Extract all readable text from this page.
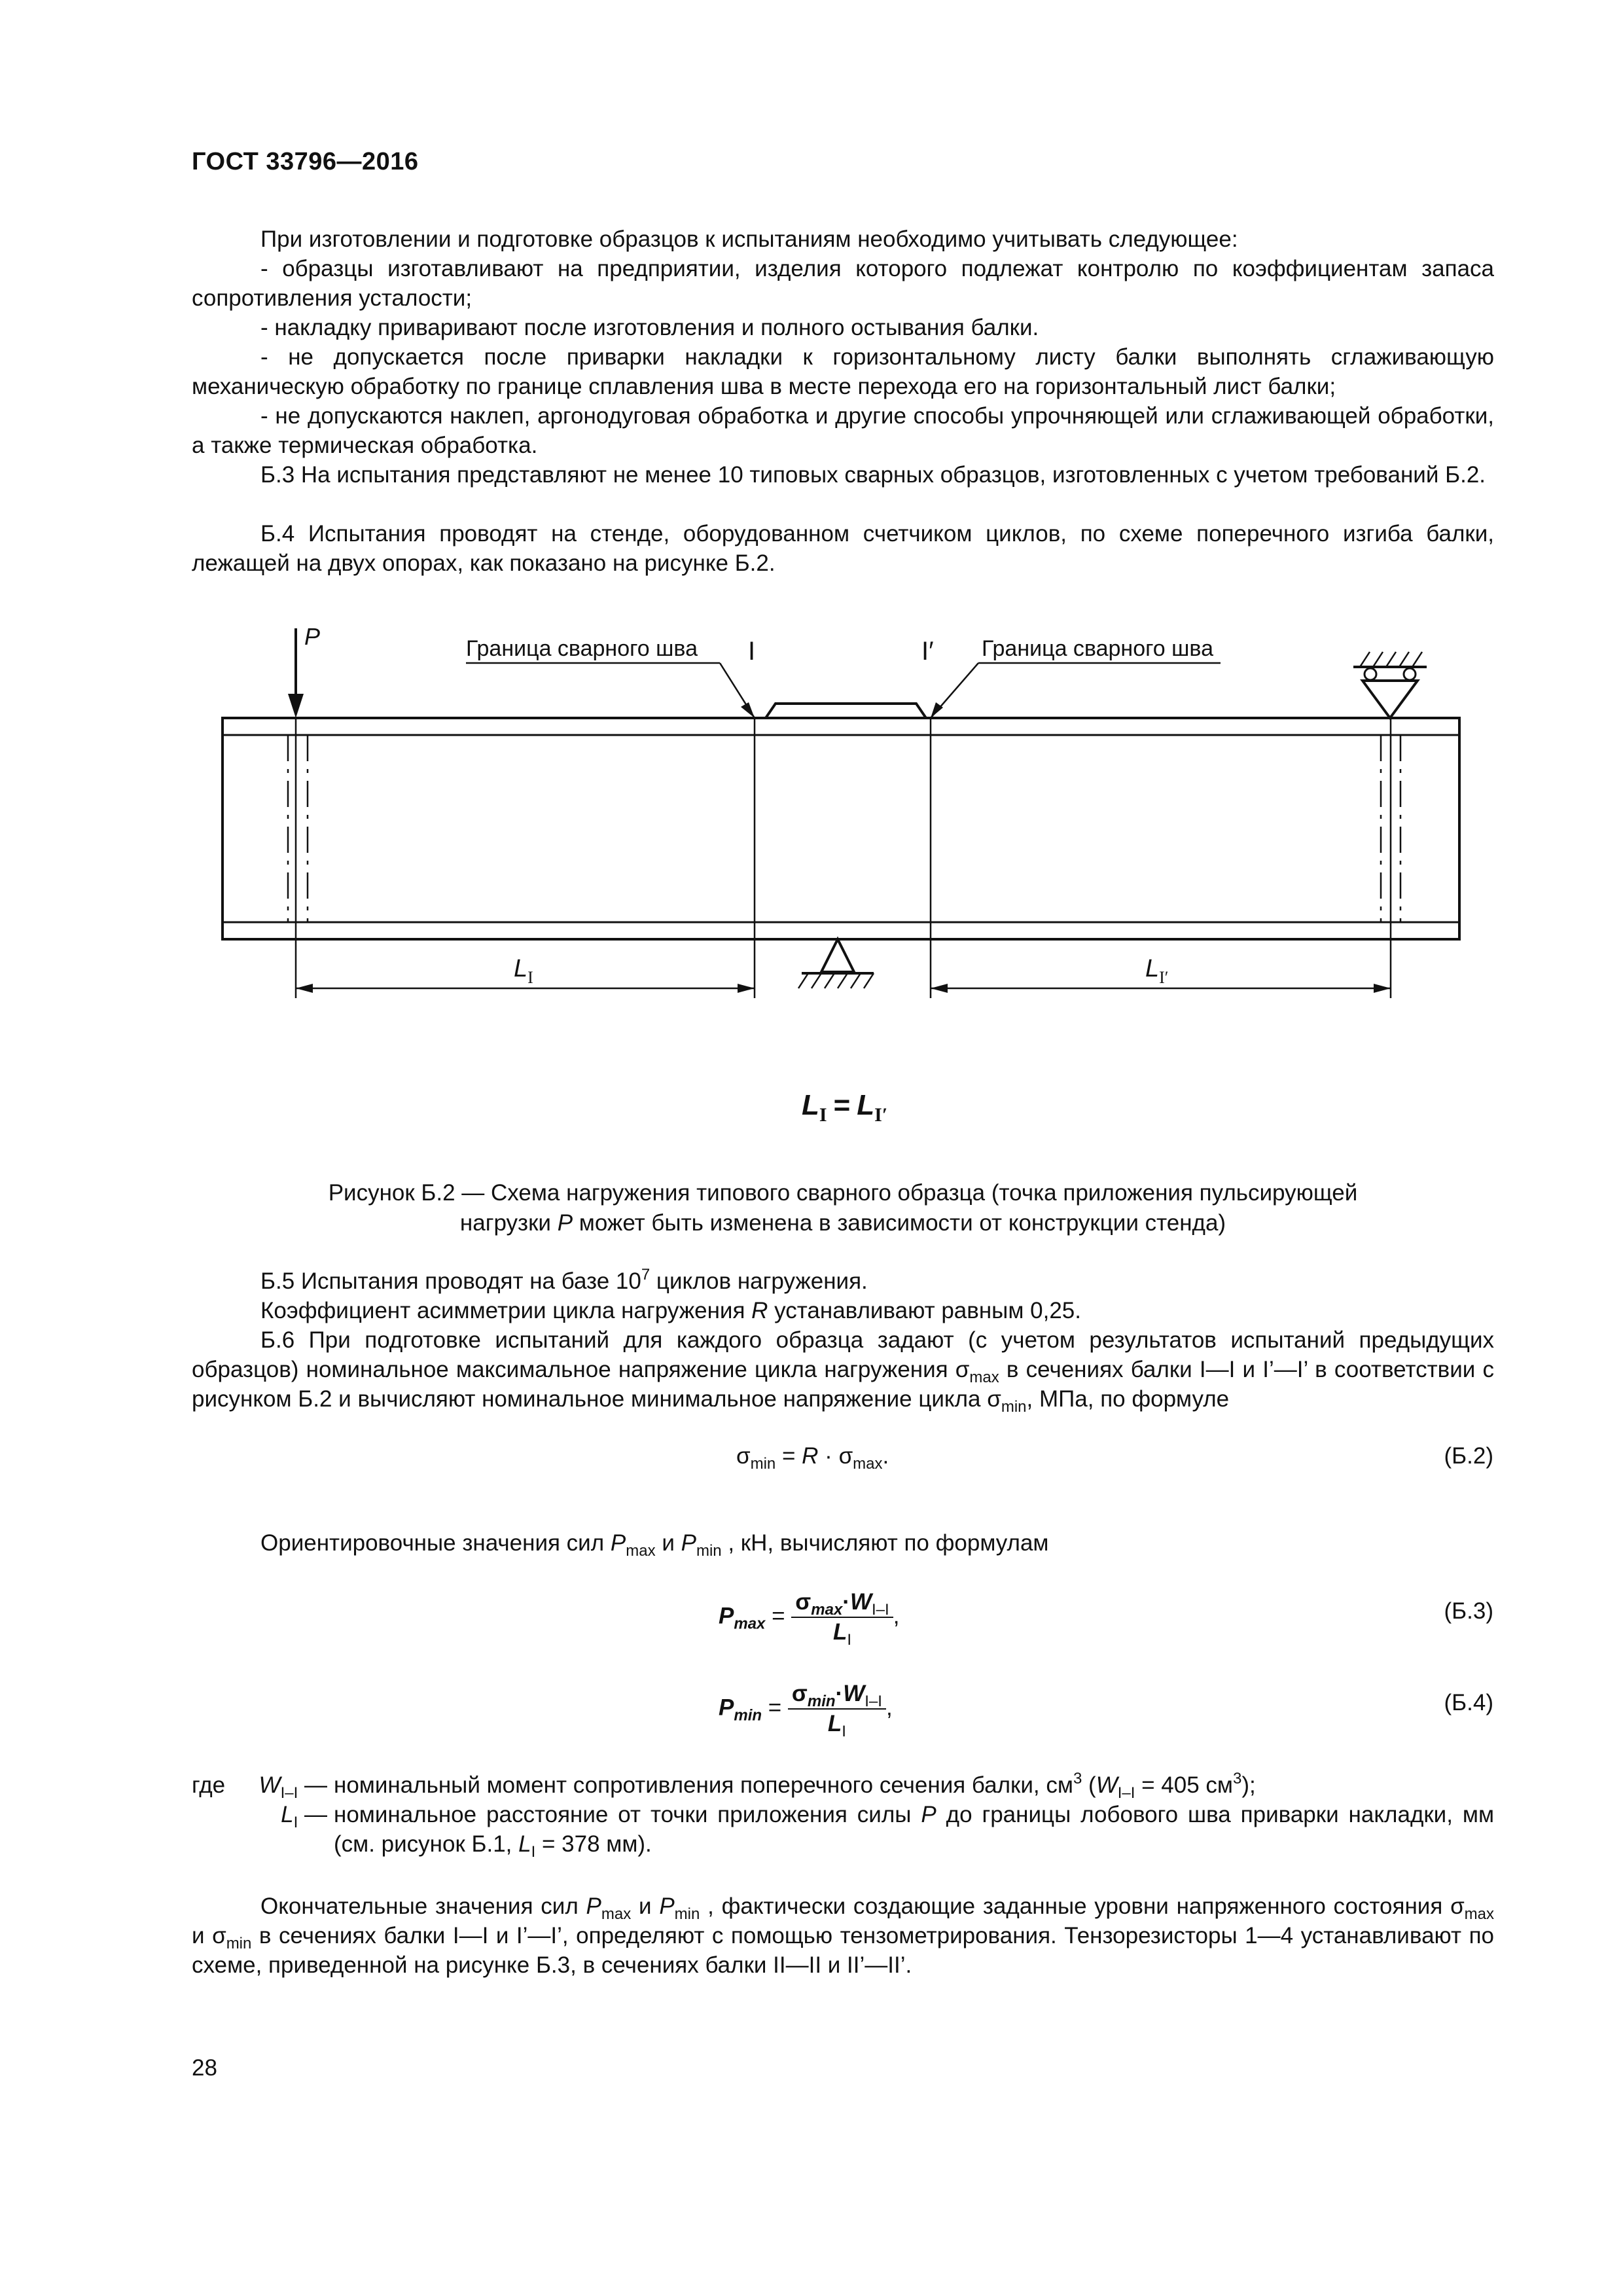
ГОСТ 33796—2016
При изготовлении и подготовке образцов к испытаниям необходимо учитывать следующее:
- образцы изготавливают на предприятии, изделия которого подлежат контролю по коэффициентам запаса сопротивления усталости;
- накладку приваривают после изготовления и полного остывания балки.
- не допускается после приварки накладки к горизонтальному листу балки выполнять сглаживающую механическую обработку по границе сплавления шва в месте перехода его на горизонтальный лист балки;
- не допускаются наклеп, аргонодуговая обработка и другие способы упрочняющей или сглаживающей обработки, а также термическая обработка.
Б.3 На испытания представляют не менее 10 типовых сварных образцов, изготовленных с учетом требований Б.2.
Б.4 Испытания проводят на стенде, оборудованном счетчиком циклов, по схеме поперечного изгиба балки, лежащей на двух опорах, как показано на рисунке Б.2.
P	Граница сварного шва I	I′ Граница сварного шва
$L_I$	$L_{I'}$
$L_I = L_{I'}$
Рисунок Б.2 — Схема нагружения типового сварного образца (точка приложения пульсирующей
нагрузки P может быть изменена в зависимости от конструкции стенда)
Б.5 Испытания проводят на базе $10^7$ циклов нагружения.
Коэффициент асимметрии цикла нагружения R устанавливают равным 0,25.
Б.6 При подготовке испытаний для каждого образца задают (с учетом результатов испытаний предыдущих образцов) номинальное максимальное напряжение цикла нагружения $\sigma_{max}$ в сечениях балки I—I и I’—I’ в соответствии с рисунком Б.2 и вычисляют номинальное минимальное напряжение цикла $\sigma_{min}$, МПа, по формуле
$\sigma_{min} = R \cdot \sigma_{max}$.	(Б.2)
Ориентировочные значения сил $P_{max}$ и $P_{min}$ , кН, вычисляют по формулам
$P_{max} = \frac{\sigma_{max}\cdot W_{I-I}}{L_I}$ ,	(Б.3)
$P_{min} = \frac{\sigma_{min}\cdot W_{I-I}}{L_I}$ ,	(Б.4)
где	$W_{I-I}$ — номинальный момент сопротивления поперечного сечения балки, $см^3$ ($W_{I-I} = 405$ $см^3$);
$L_I$ — номинальное расстояние от точки приложения силы P до границы лобового шва приварки накладки, мм (см. рисунок Б.1, $L_I = 378$ мм).
Окончательные значения сил $P_{max}$ и $P_{min}$ , фактически создающие заданные уровни напряженного состояния $\sigma_{max}$ и $\sigma_{min}$ в сечениях балки I—I и I’—I’, определяют с помощью тензометрирования. Тензорезисторы 1—4 устанавливают по схеме, приведенной на рисунке Б.3, в сечениях балки II—II и II’—II’.
28
